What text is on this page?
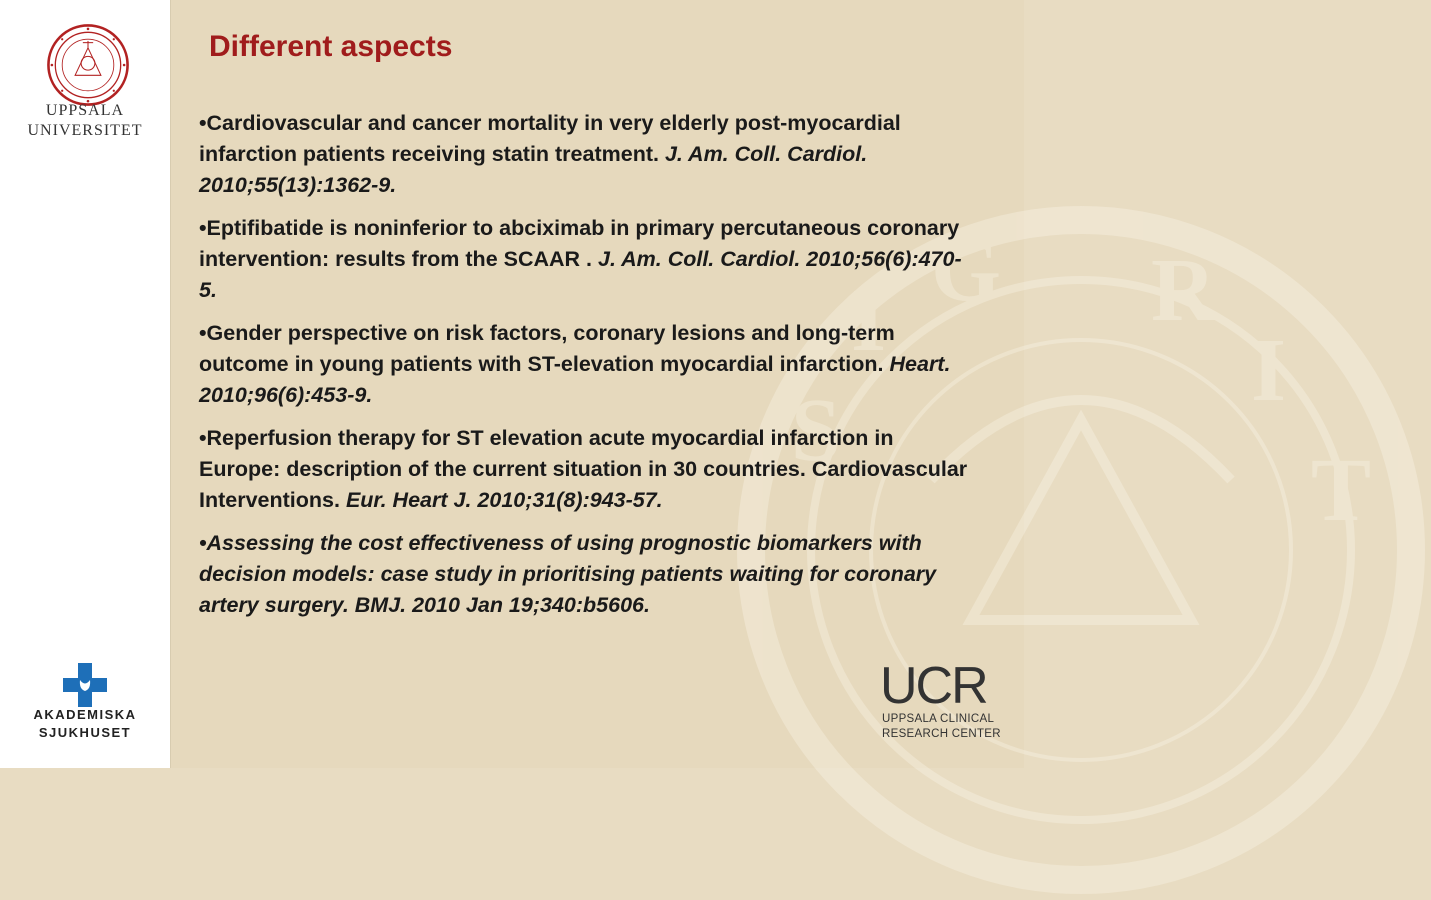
UPPSALA
UNIVERSITET
AKADEMISKA
SJUKHUSET
S
I
G R
I
T
Different aspects
•Cardiovascular and cancer mortality in very elderly post-myocardial infarction patients receiving statin treatment. J. Am. Coll. Cardiol. 2010;55(13):1362-9.
•Eptifibatide is noninferior to abciximab in primary percutaneous coronary intervention: results from the SCAAR . J. Am. Coll. Cardiol. 2010;56(6):470-5.
•Gender perspective on risk factors, coronary lesions and long-term outcome in young patients with ST-elevation myocardial infarction. Heart. 2010;96(6):453-9.
•Reperfusion therapy for ST elevation acute myocardial infarction in Europe: description of the current situation in 30 countries. Cardiovascular Interventions. Eur. Heart J. 2010;31(8):943-57.
•Assessing the cost effectiveness of using prognostic biomarkers with decision models: case study in prioritising patients waiting for coronary artery surgery. BMJ. 2010 Jan 19;340:b5606.
UCR
UPPSALA CLINICAL
RESEARCH CENTER
